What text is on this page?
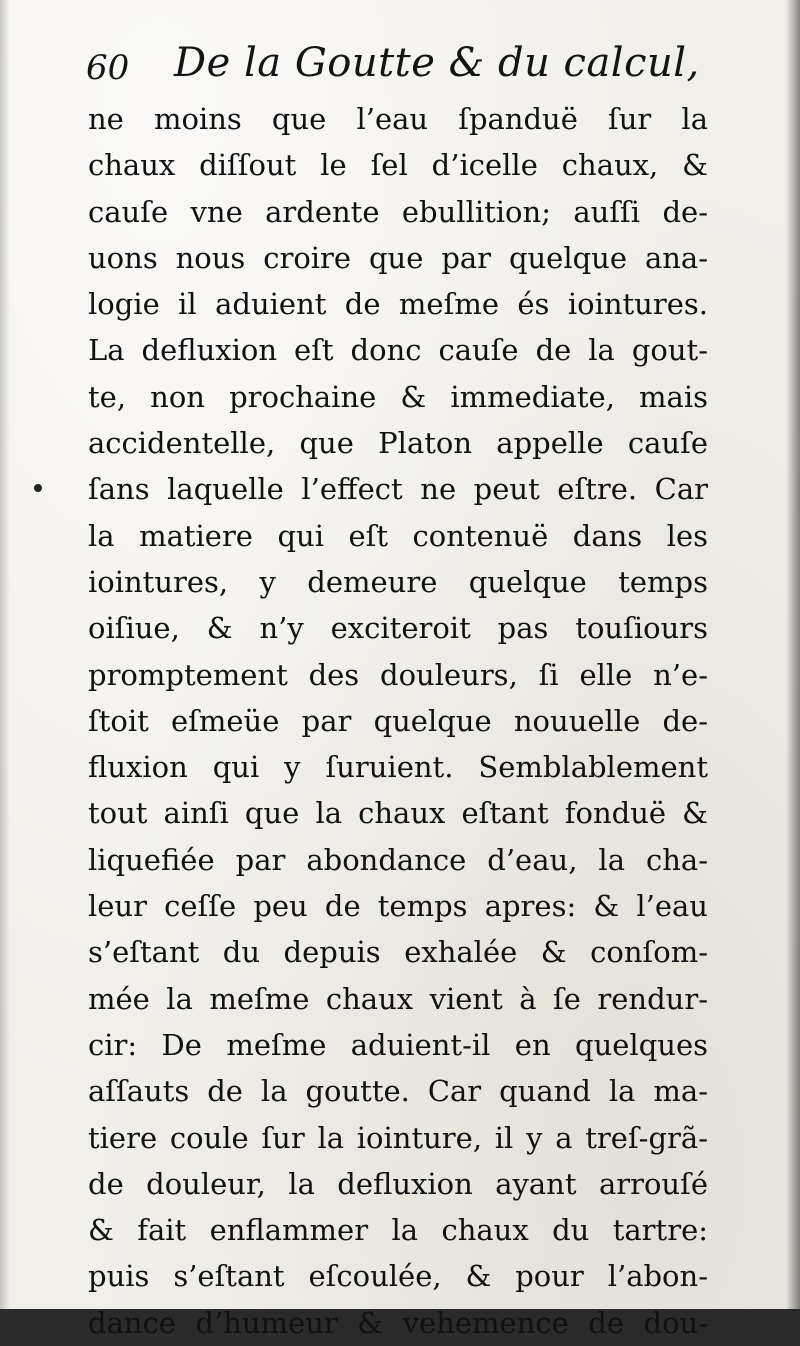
60 De la Goutte & du calcul,
ne moins que l’eau ſpanduë ſur la
chaux diſſout le ſel d’icelle chaux, &
cauſe vne ardente ebullition; auſſi de-
uons nous croire que par quelque ana-
logie il aduient de meſme és iointures.
La defluxion eſt donc cauſe de la gout-
te, non prochaine & immediate, mais
accidentelle, que Platon appelle cauſe
ſans laquelle l’effect ne peut eſtre. Car
la matiere qui eſt contenuë dans les
iointures, y demeure quelque temps
oiſiue, & n’y exciteroit pas touſiours
promptement des douleurs, ſi elle n’e-
ſtoit eſmeüe par quelque nouuelle de-
fluxion qui y ſuruient. Semblablement
tout ainſi que la chaux eſtant fonduë &
liquefiée par abondance d’eau, la cha-
leur ceſſe peu de temps apres: & l’eau
s’eſtant du depuis exhalée & conſom-
mée la meſme chaux vient à ſe rendur-
cir: De meſme aduient-il en quelques
aſſauts de la goutte. Car quand la ma-
tiere coule ſur la iointure, il y a treſ-grã-
de douleur, la defluxion ayant arrouſé
& fait enflammer la chaux du tartre:
puis s’eſtant eſcoulée, & pour l’abon-
dance d’humeur & vehemence de dou-
